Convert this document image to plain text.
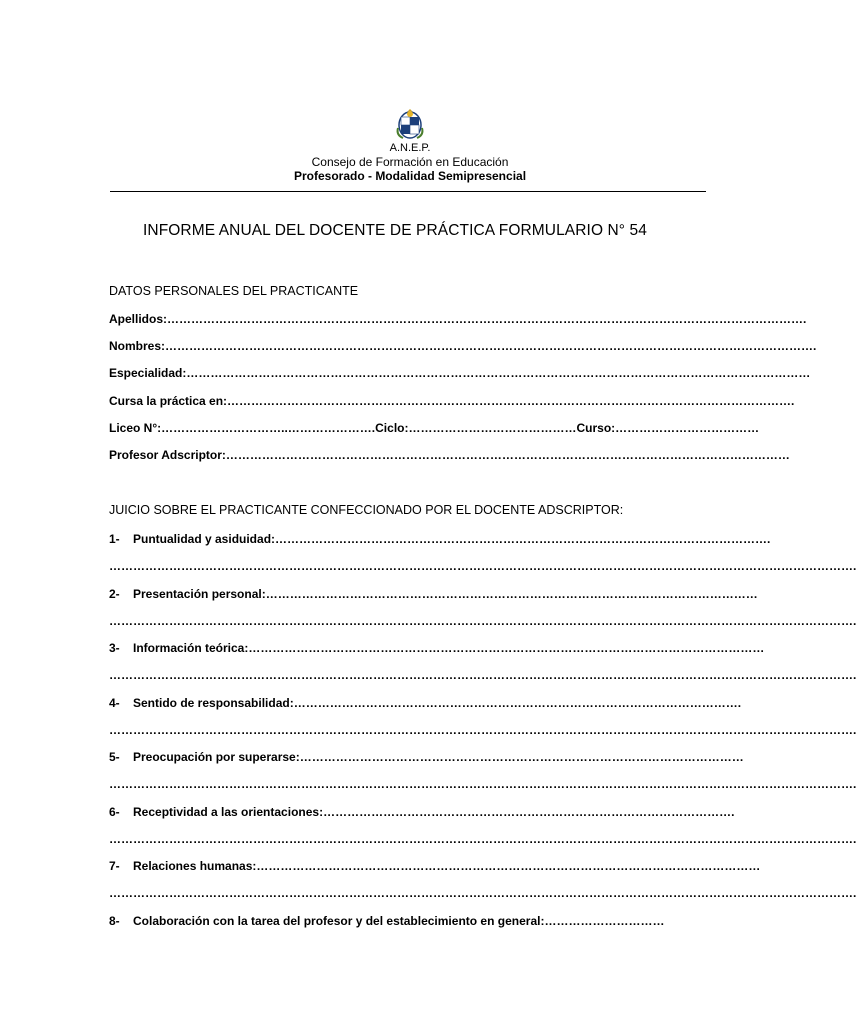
A.N.E.P.
Consejo de Formación en Educación
Profesorado - Modalidad Semipresencial
INFORME ANUAL DEL DOCENTE DE PRÁCTICA FORMULARIO N° 54
DATOS PERSONALES DEL PRACTICANTE
Apellidos:…………………………………………………………………………………………………………………………………………….
Nombres:……………………………………………………………………………………………………………………………………………….
Especialidad:…………………………………………………………………………………………………………………………………………
Cursa la práctica en:…………………………………………………………………………………………………………………………….
Liceo N°:…………………………..………………….Ciclo:……………………………………Curso:………………………………
Profesor Adscriptor:……………………………………………………………………………………………………………………………
JUICIO SOBRE EL PRACTICANTE CONFECCIONADO POR EL DOCENTE ADSCRIPTOR:
1- Puntualidad y asiduidad:…………………………………………………………………………………………………………….
…………………………………………………………………………………………………………………………………………………………………….
2- Presentación personal:……………………………………………………………………………………………………………
…………………………………………………………………………………………………………………………………………………………………….
3- Información teórica:…………………………………………………………………………………………………………………
…………………………………………………………………………………………………………………………………………………………………….
4- Sentido de responsabilidad:………………………………………………………………………………………………….
…………………………………………………………………………………………………………………………………………………………………….
5- Preocupación por superarse:…………………………………………………………………………………………………
…………………………………………………………………………………………………………………………………………………………………….
6- Receptividad a las orientaciones:………………………………………………………………………………………….
…………………………………………………………………………………………………………………………………………………………………….
7- Relaciones humanas:………………………………………………………………………………………………………………
…………………………………………………………………………………………………………………………………………………………………….
8- Colaboración con la tarea del profesor y del establecimiento en general:…………………………
